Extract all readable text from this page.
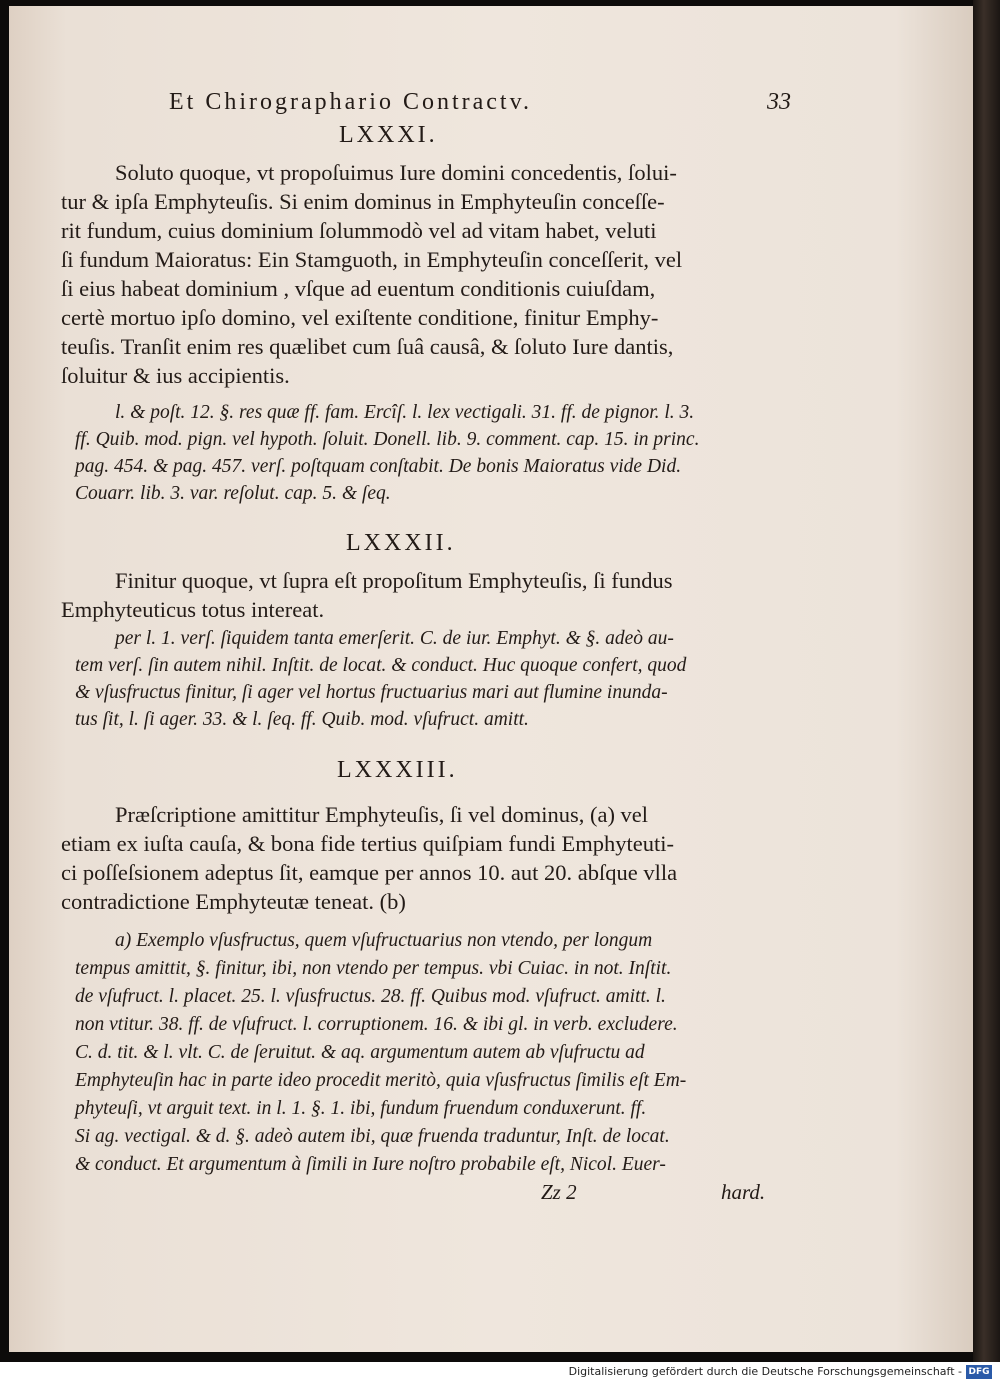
Et Chirographario Contractv.	33
LXXXI.
Soluto quoque, vt propoſuimus Iure domini concedentis, ſolui-
tur & ipſa Emphyteuſis. Si enim dominus in Emphyteuſin conceſſe-
rit fundum, cuius dominium ſolummodò vel ad vitam habet, veluti
ſi fundum Maioratus: Ein Stamguoth, in Emphyteuſin conceſſerit, vel
ſi eius habeat dominium , vſque ad euentum conditionis cuiuſdam,
certè mortuo ipſo domino, vel exiſtente conditione, finitur Emphy-
teuſis. Tranſit enim res quælibet cum ſuâ causâ, & ſoluto Iure dantis,
ſoluitur & ius accipientis.
l. & poſt. 12. §. res quæ ff. fam. Ercîſ. l. lex vectigali. 31. ff. de pignor. l. 3.
ff. Quib. mod. pign. vel hypoth. ſoluit. Donell. lib. 9. comment. cap. 15. in princ.
pag. 454. & pag. 457. verſ. poſtquam conſtabit. De bonis Maioratus vide Did.
Couarr. lib. 3. var. reſolut. cap. 5. & ſeq.
LXXXII.
Finitur quoque, vt ſupra eſt propoſitum Emphyteuſis, ſi fundus
Emphyteuticus totus intereat.
per l. 1. verſ. ſiquidem tanta emerſerit. C. de iur. Emphyt. & §. adeò au-
tem verſ. ſin autem nihil. Inſtit. de locat. & conduct. Huc quoque confert, quod
& vſusfructus finitur, ſi ager vel hortus fructuarius mari aut flumine inunda-
tus ſit, l. ſi ager. 33. & l. ſeq. ff. Quib. mod. vſufruct. amitt.
LXXXIII.
Præſcriptione amittitur Emphyteuſis, ſi vel dominus, (a) vel
etiam ex iuſta cauſa, & bona fide tertius quiſpiam fundi Emphyteuti-
ci poſſeſsionem adeptus ſit, eamque per annos 10. aut 20. abſque vlla
contradictione Emphyteutæ teneat. (b)
a) Exemplo vſusfructus, quem vſufructuarius non vtendo, per longum
tempus amittit, §. finitur, ibi, non vtendo per tempus. vbi Cuiac. in not. Inſtit.
de vſufruct. l. placet. 25. l. vſusfructus. 28. ff. Quibus mod. vſufruct. amitt. l.
non vtitur. 38. ff. de vſufruct. l. corruptionem. 16. & ibi gl. in verb. excludere.
C. d. tit. & l. vlt. C. de ſeruitut. & aq. argumentum autem ab vſufructu ad
Emphyteuſin hac in parte ideo procedit meritò, quia vſusfructus ſimilis eſt Em-
phyteuſi, vt arguit text. in l. 1. §. 1. ibi, fundum fruendum conduxerunt. ff.
Si ag. vectigal. & d. §. adeò autem ibi, quæ fruenda traduntur, Inſt. de locat.
& conduct. Et argumentum à ſimili in Iure noſtro probabile eſt, Nicol. Euer-
Zz 2	hard.
Digitalisierung gefördert durch die Deutsche Forschungsgemeinschaft - DFG
